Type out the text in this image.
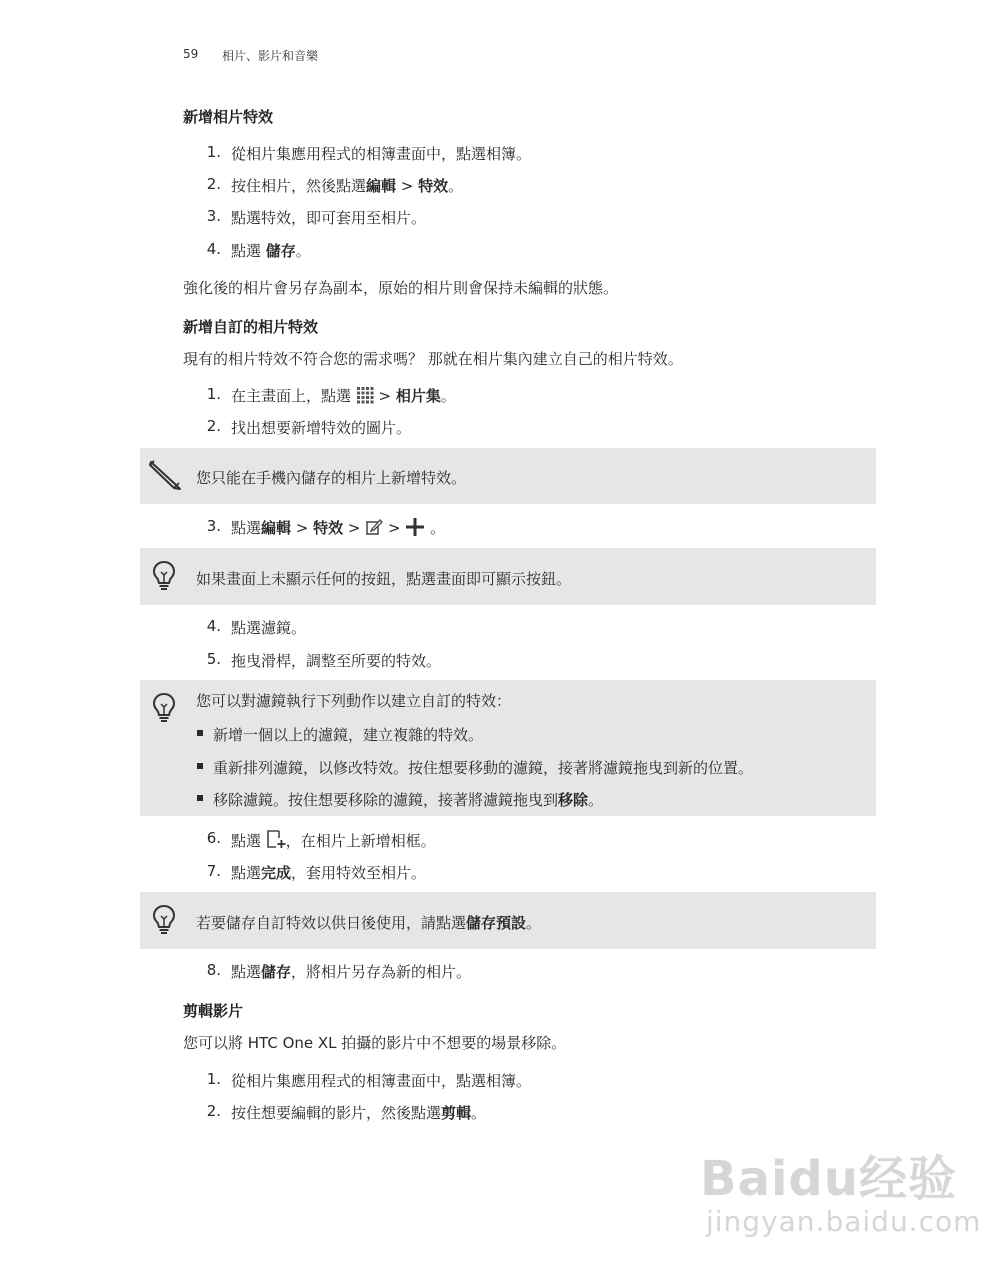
59 相片、影片和音樂
新增相片特效
1. 從相片集應用程式的相簿畫面中，點選相簿。
2. 按住相片，然後點選編輯 > 特效。
3. 點選特效，即可套用至相片。
4. 點選 儲存。
強化後的相片會另存為副本，原始的相片則會保持未編輯的狀態。
新增自訂的相片特效
現有的相片特效不符合您的需求嗎？ 那就在相片集內建立自己的相片特效。
1. 在主畫面上，點選  > 相片集。
2. 找出想要新增特效的圖片。
您只能在手機內儲存的相片上新增特效。
3. 點選編輯 > 特效 >  >  。
如果畫面上未顯示任何的按鈕，點選畫面即可顯示按鈕。
4. 點選濾鏡。
5. 拖曳滑桿，調整至所要的特效。
您可以對濾鏡執行下列動作以建立自訂的特效：
新增一個以上的濾鏡，建立複雜的特效。
重新排列濾鏡，以修改特效。按住想要移動的濾鏡，接著將濾鏡拖曳到新的位置。
移除濾鏡。按住想要移除的濾鏡，接著將濾鏡拖曳到移除。
6. 點選 ，在相片上新增相框。
7. 點選完成，套用特效至相片。
若要儲存自訂特效以供日後使用，請點選儲存預設。
8. 點選儲存，將相片另存為新的相片。
剪輯影片
您可以將 HTC One XL 拍攝的影片中不想要的場景移除。
1. 從相片集應用程式的相簿畫面中，點選相簿。
2. 按住想要編輯的影片，然後點選剪輯。
Baidu经验
jingyan.baidu.com
